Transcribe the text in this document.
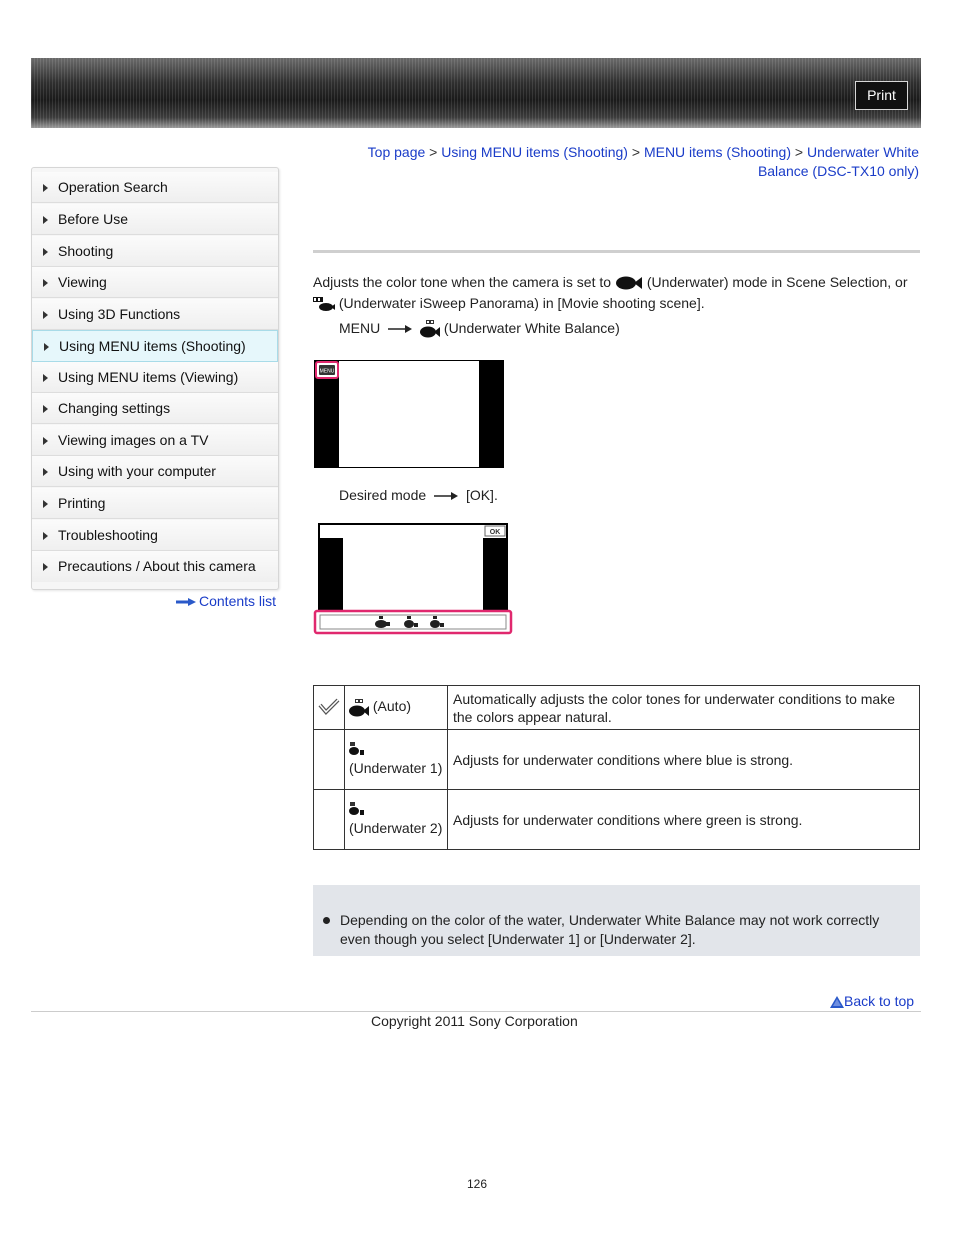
Print
Operation Search
Before Use
Shooting
Viewing
Using 3D Functions
Using MENU items (Shooting)
Using MENU items (Viewing)
Changing settings
Viewing images on a TV
Using with your computer
Printing
Troubleshooting
Precautions / About this camera
Contents list
Top page > Using MENU items (Shooting) > MENU items (Shooting) > Underwater White Balance (DSC-TX10 only)
Adjusts the color tone when the camera is set to	(Underwater) mode in Scene Selection, or
(Underwater iSweep Panorama) in [Movie shooting scene].
MENU	(Underwater White Balance)
MENU
Desired mode	[OK].
OK
	(Auto)	Automatically adjusts the color tones for underwater conditions to make the colors appear natural.

(Underwater 1)	Adjusts for underwater conditions where blue is strong.

(Underwater 2)	Adjusts for underwater conditions where green is strong.
Depending on the color of the water, Underwater White Balance may not work correctly even though you select [Underwater 1] or [Underwater 2].
Back to top
Copyright 2011 Sony Corporation
126
